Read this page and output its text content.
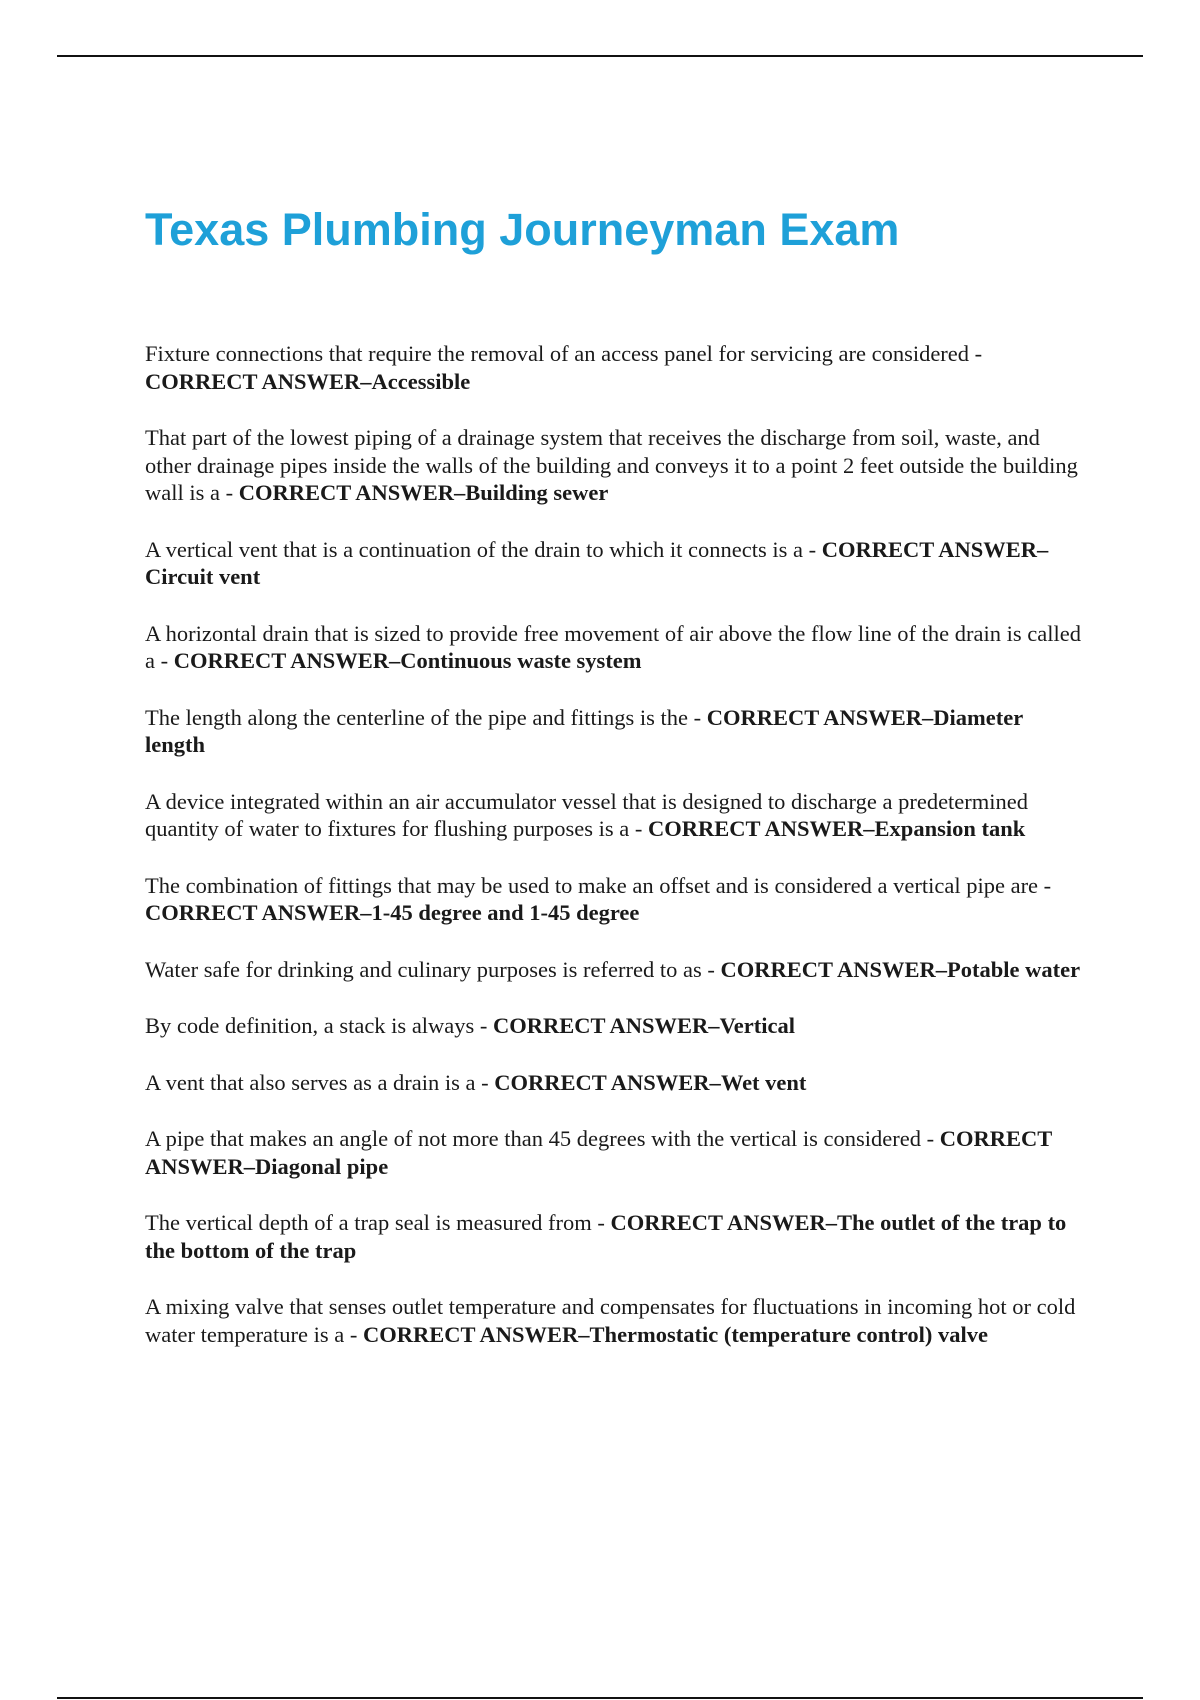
Texas Plumbing Journeyman Exam

Fixture connections that require the removal of an access panel for servicing are considered - CORRECT ANSWER–Accessible

That part of the lowest piping of a drainage system that receives the discharge from soil, waste, and other drainage pipes inside the walls of the building and conveys it to a point 2 feet outside the building wall is a - CORRECT ANSWER–Building sewer

A vertical vent that is a continuation of the drain to which it connects is a - CORRECT ANSWER–Circuit vent

A horizontal drain that is sized to provide free movement of air above the flow line of the drain is called a - CORRECT ANSWER–Continuous waste system

The length along the centerline of the pipe and fittings is the - CORRECT ANSWER–Diameter length

A device integrated within an air accumulator vessel that is designed to discharge a predetermined quantity of water to fixtures for flushing purposes is a - CORRECT ANSWER–Expansion tank

The combination of fittings that may be used to make an offset and is considered a vertical pipe are - CORRECT ANSWER–1-45 degree and 1-45 degree

Water safe for drinking and culinary purposes is referred to as - CORRECT ANSWER–Potable water

By code definition, a stack is always - CORRECT ANSWER–Vertical

A vent that also serves as a drain is a - CORRECT ANSWER–Wet vent

A pipe that makes an angle of not more than 45 degrees with the vertical is considered - CORRECT ANSWER–Diagonal pipe

The vertical depth of a trap seal is measured from - CORRECT ANSWER–The outlet of the trap to the bottom of the trap

A mixing valve that senses outlet temperature and compensates for fluctuations in incoming hot or cold water temperature is a - CORRECT ANSWER–Thermostatic (temperature control) valve
